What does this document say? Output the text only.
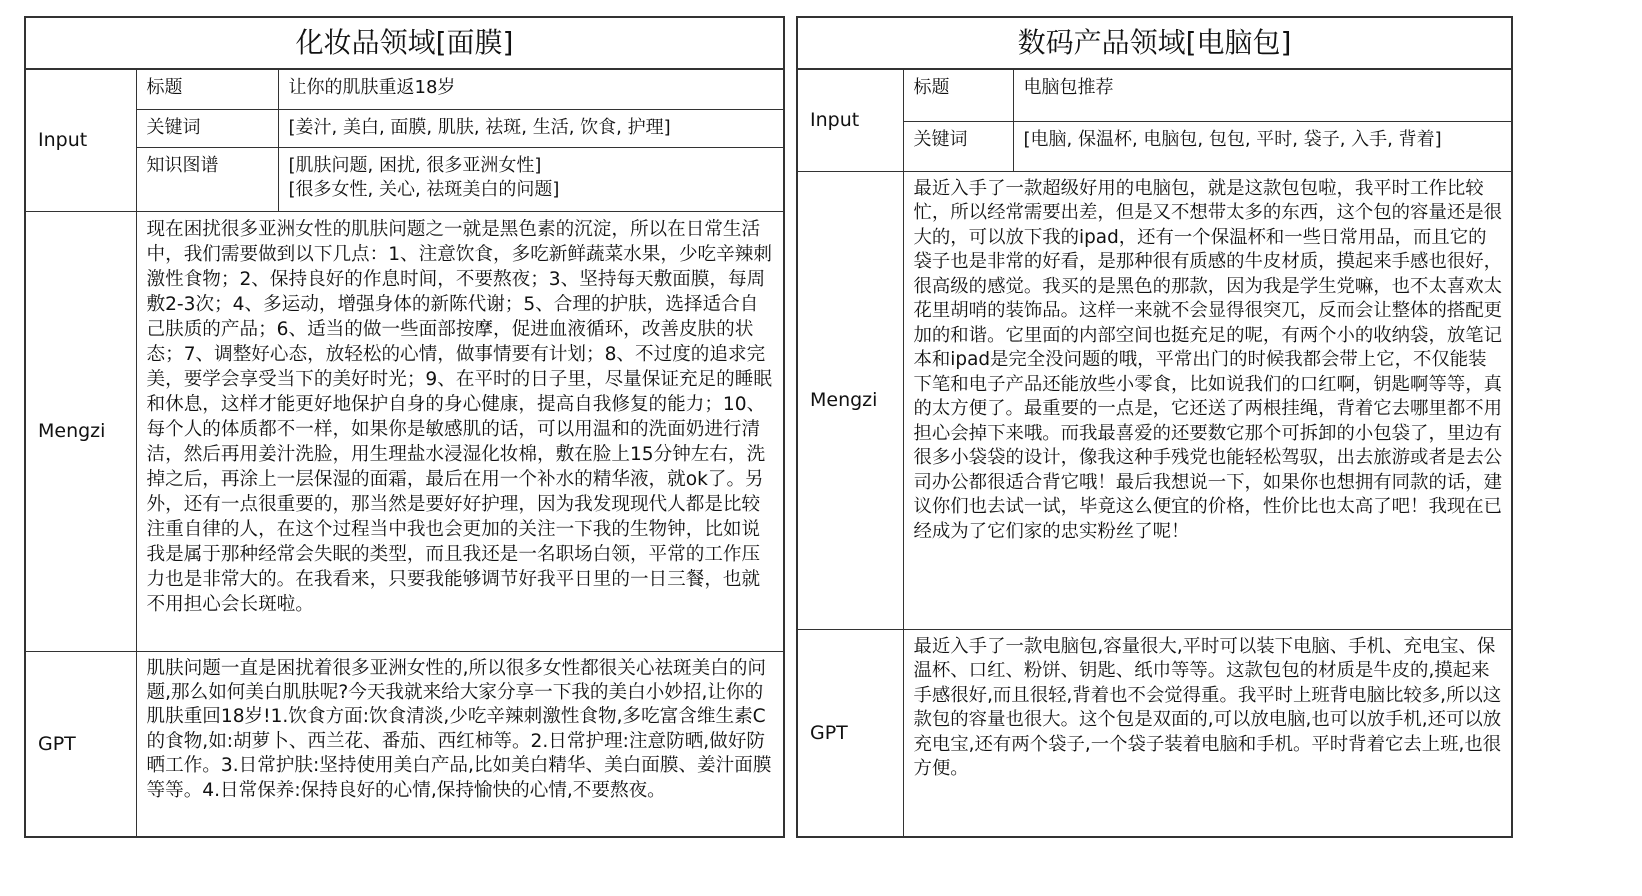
化妆品领域[面膜]		
Input	标题	让你的肌肤重返18岁
	关键词	[姜汁, 美白, 面膜, 肌肤, 祛斑, 生活, 饮食, 护理]
	知识图谱	[肌肤问题, 困扰, 很多亚洲女性]
[很多女性, 关心, 祛斑美白的问题]

Mengzi	现在困扰很多亚洲女性的肌肤问题之一就是黑色素的沉淀，所以在日常生活中，我们需要做到以下几点：1、注意饮食，多吃新鲜蔬菜水果，少吃辛辣刺激性食物；2、保持良好的作息时间，不要熬夜；3、坚持每天敷面膜，每周敷2-3次；4、多运动，增强身体的新陈代谢；5、合理的护肤，选择适合自己肤质的产品；6、适当的做一些面部按摩，促进血液循环，改善皮肤的状态；7、调整好心态，放轻松的心情，做事情要有计划；8、不过度的追求完美，要学会享受当下的美好时光；9、在平时的日子里，尽量保证充足的睡眠和休息，这样才能更好地保护自身的身心健康，提高自我修复的能力；10、每个人的体质都不一样，如果你是敏感肌的话，可以用温和的洗面奶进行清洁，然后再用姜汁洗脸，用生理盐水浸湿化妆棉，敷在脸上15分钟左右，洗掉之后，再涂上一层保湿的面霜，最后在用一个补水的精华液，就ok了。另外，还有一点很重要的，那当然是要好好护理，因为我发现现代人都是比较注重自律的人，在这个过程当中我也会更加的关注一下我的生物钟，比如说我是属于那种经常会失眠的类型，而且我还是一名职场白领，平常的工作压力也是非常大的。在我看来，只要我能够调节好我平日里的一日三餐，也就不用担心会长斑啦。	
GPT	肌肤问题一直是困扰着很多亚洲女性的,所以很多女性都很关心祛斑美白的问题,那么如何美白肌肤呢?今天我就来给大家分享一下我的美白小妙招,让你的肌肤重回18岁!1.饮食方面:饮食清淡,少吃辛辣刺激性食物,多吃富含维生素C的食物,如:胡萝卜、西兰花、番茄、西红柿等。2.日常护理:注意防晒,做好防晒工作。3.日常护肤:坚持使用美白产品,比如美白精华、美白面膜、姜汁面膜等等。4.日常保养:保持良好的心情,保持愉快的心情,不要熬夜。	
数码产品领域[电脑包]		
Input	标题	电脑包推荐
	关键词	[电脑, 保温杯, 电脑包, 包包, 平时, 袋子, 入手, 背着]
Mengzi	最近入手了一款超级好用的电脑包，就是这款包包啦，我平时工作比较忙，所以经常需要出差，但是又不想带太多的东西，这个包的容量还是很大的，可以放下我的ipad，还有一个保温杯和一些日常用品，而且它的袋子也是非常的好看，是那种很有质感的牛皮材质，摸起来手感也很好，很高级的感觉。我买的是黑色的那款，因为我是学生党嘛，也不太喜欢太花里胡哨的装饰品。这样一来就不会显得很突兀，反而会让整体的搭配更加的和谐。它里面的内部空间也挺充足的呢，有两个小的收纳袋，放笔记本和ipad是完全没问题的哦，平常出门的时候我都会带上它，不仅能装下笔和电子产品还能放些小零食，比如说我们的口红啊，钥匙啊等等，真的太方便了。最重要的一点是，它还送了两根挂绳，背着它去哪里都不用担心会掉下来哦。而我最喜爱的还要数它那个可拆卸的小包袋了，里边有很多小袋袋的设计，像我这种手残党也能轻松驾驭，出去旅游或者是去公司办公都很适合背它哦！最后我想说一下，如果你也想拥有同款的话，建议你们也去试一试，毕竟这么便宜的价格，性价比也太高了吧！我现在已经成为了它们家的忠实粉丝了呢！	
GPT	最近入手了一款电脑包,容量很大,平时可以装下电脑、手机、充电宝、保温杯、口红、粉饼、钥匙、纸巾等等。这款包包的材质是牛皮的,摸起来手感很好,而且很轻,背着也不会觉得重。我平时上班背电脑比较多,所以这款包的容量也很大。这个包是双面的,可以放电脑,也可以放手机,还可以放充电宝,还有两个袋子,一个袋子装着电脑和手机。平时背着它去上班,也很方便。	
